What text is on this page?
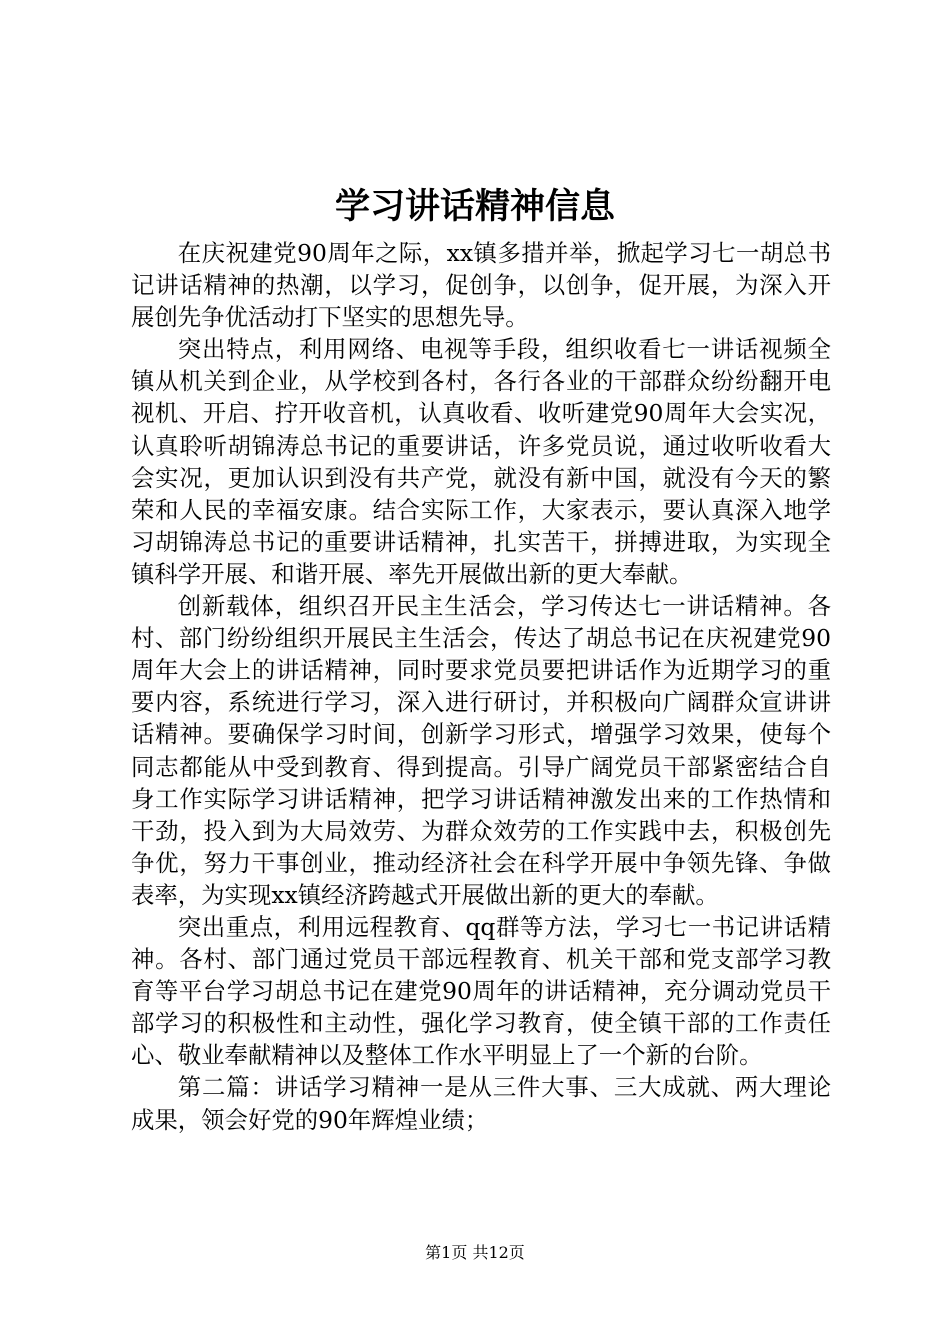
学习讲话精神信息

在庆祝建党90周年之际，xx镇多措并举，掀起学习七一胡总书记讲话精神的热潮，以学习，促创争，以创争，促开展，为深入开展创先争优活动打下坚实的思想先导。

突出特点，利用网络、电视等手段，组织收看七一讲话视频全镇从机关到企业，从学校到各村，各行各业的干部群众纷纷翻开电视机、开启、拧开收音机，认真收看、收听建党90周年大会实况，认真聆听胡锦涛总书记的重要讲话，许多党员说，通过收听收看大会实况，更加认识到没有共产党，就没有新中国，就没有今天的繁荣和人民的幸福安康。结合实际工作，大家表示，要认真深入地学习胡锦涛总书记的重要讲话精神，扎实苦干，拼搏进取，为实现全镇科学开展、和谐开展、率先开展做出新的更大奉献。

创新载体，组织召开民主生活会，学习传达七一讲话精神。各村、部门纷纷组织开展民主生活会，传达了胡总书记在庆祝建党90周年大会上的讲话精神，同时要求党员要把讲话作为近期学习的重要内容，系统进行学习，深入进行研讨，并积极向广阔群众宣讲讲话精神。要确保学习时间，创新学习形式，增强学习效果，使每个同志都能从中受到教育、得到提高。引导广阔党员干部紧密结合自身工作实际学习讲话精神，把学习讲话精神激发出来的工作热情和干劲，投入到为大局效劳、为群众效劳的工作实践中去，积极创先争优，努力干事创业，推动经济社会在科学开展中争领先锋、争做表率，为实现xx镇经济跨越式开展做出新的更大的奉献。

突出重点，利用远程教育、qq群等方法，学习七一书记讲话精神。各村、部门通过党员干部远程教育、机关干部和党支部学习教育等平台学习胡总书记在建党90周年的讲话精神，充分调动党员干部学习的积极性和主动性，强化学习教育，使全镇干部的工作责任心、敬业奉献精神以及整体工作水平明显上了一个新的台阶。

第二篇：讲话学习精神一是从三件大事、三大成就、两大理论成果，领会好党的90年辉煌业绩；

第1页 共12页
